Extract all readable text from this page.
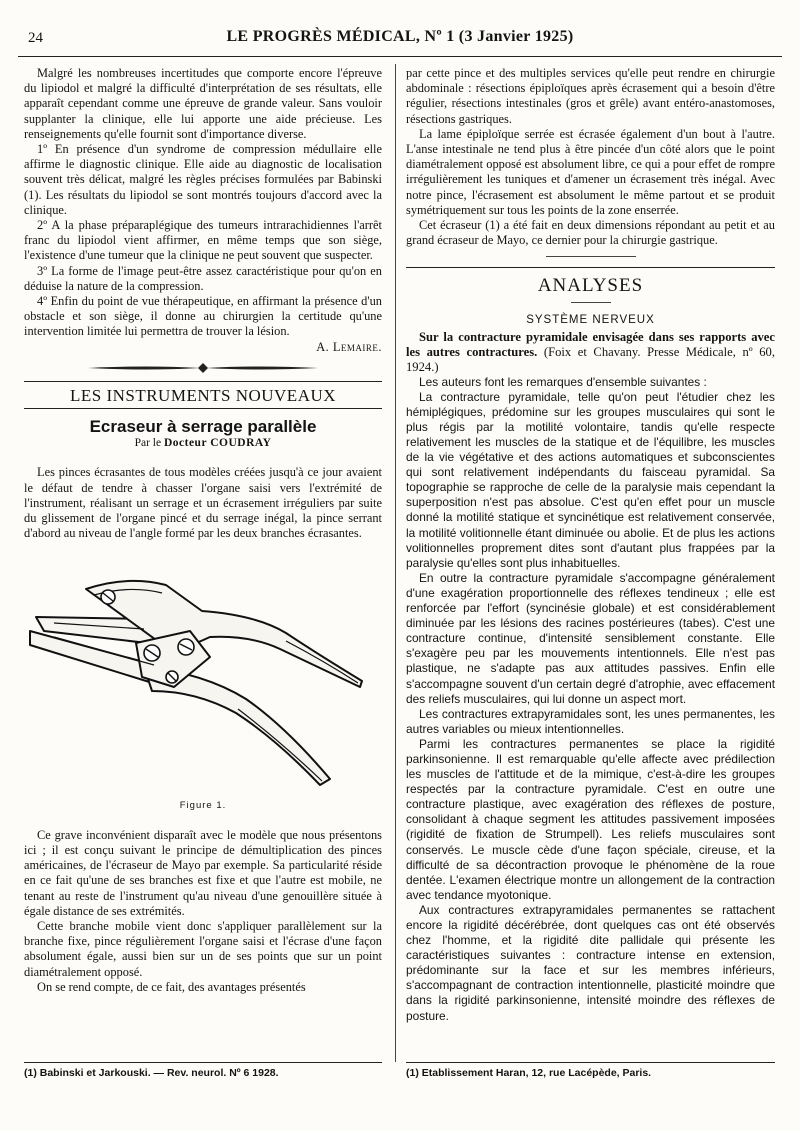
24	LE PROGRÈS MÉDICAL, Nº 1 (3 Janvier 1925)

Malgré les nombreuses incertitudes que comporte encore l'épreuve du lipiodol et malgré la difficulté d'interprétation de ses résultats, elle apparaît cependant comme une épreuve de grande valeur. Sans vouloir supplanter la clinique, elle lui apporte une aide précieuse. Les renseignements qu'elle fournit sont d'importance diverse.

1º En présence d'un syndrome de compression médullaire elle affirme le diagnostic clinique. Elle aide au diagnostic de localisation souvent très délicat, malgré les règles précises formulées par Babinski (1). Les résultats du lipiodol se sont montrés toujours d'accord avec la clinique.

2º A la phase préparaplégique des tumeurs intrarachidiennes l'arrêt franc du lipiodol vient affirmer, en même temps que son siège, l'existence d'une tumeur que la clinique ne peut souvent que suspecter.

3º La forme de l'image peut-être assez caractéristique pour qu'on en déduise la nature de la compression.

4º Enfin du point de vue thérapeutique, en affirmant la présence d'un obstacle et son siège, il donne au chirurgien la certitude qu'une intervention limitée lui permettra de trouver la lésion.

A. Lemaire.

LES INSTRUMENTS NOUVEAUX
Ecraseur à serrage parallèle
Par le Docteur COUDRAY

Les pinces écrasantes de tous modèles créées jusqu'à ce jour avaient le défaut de tendre à chasser l'organe saisi vers l'extrémité de l'instrument, réalisant un serrage et un écrasement irréguliers par suite du glissement de l'organe pincé et du serrage inégal, la pince serrant d'abord au niveau de l'angle formé par les deux branches écrasantes.

Figure 1.

Ce grave inconvénient disparaît avec le modèle que nous présentons ici ; il est conçu suivant le principe de démultiplication des pinces américaines, de l'écraseur de Mayo par exemple. Sa particularité réside en ce fait qu'une de ses branches est fixe et que l'autre est mobile, ne tenant au reste de l'instrument qu'au niveau d'une genouillère située à égale distance de ses extrémités.

Cette branche mobile vient donc s'appliquer parallèlement sur la branche fixe, pince régulièrement l'organe saisi et l'écrase d'une façon absolument égale, aussi bien sur un de ses points que sur un point diamétralement opposé.

On se rend compte, de ce fait, des avantages présentés

par cette pince et des multiples services qu'elle peut rendre en chirurgie abdominale : résections épiploïques après écrasement qui a besoin d'être régulier, résections intestinales (gros et grêle) avant entéro-anastomoses, résections gastriques.

La lame épiploïque serrée est écrasée également d'un bout à l'autre. L'anse intestinale ne tend plus à être pincée d'un côté alors que le point diamétralement opposé est absolument libre, ce qui a pour effet de rompre irrégulièrement les tuniques et d'amener un écrasement très inégal. Avec notre pince, l'écrasement est absolument le même partout et se produit symétriquement sur tous les points de la zone enserrée.

Cet écraseur (1) a été fait en deux dimensions répondant au petit et au grand écraseur de Mayo, ce dernier pour la chirurgie gastrique.

ANALYSES
SYSTÈME NERVEUX

Sur la contracture pyramidale envisagée dans ses rapports avec les autres contractures. (Foix et Chavany. Presse Médicale, nº 60, 1924.)

Les auteurs font les remarques d'ensemble suivantes :

La contracture pyramidale, telle qu'on peut l'étudier chez les hémiplégiques, prédomine sur les groupes musculaires qui sont le plus régis par la motilité volontaire, tandis qu'elle respecte relativement les muscles de la statique et de l'équilibre, les muscles de la vie végétative et des actions automatiques et subconscientes qui sont relativement indépendants du faisceau pyramidal. Sa topographie se rapproche de celle de la paralysie mais cependant la superposition n'est pas absolue. C'est qu'en effet pour un muscle donné la motilité statique et syncinétique est relativement conservée, la motilité volitionnelle étant diminuée ou abolie. Et de plus les actions volitionnelles proprement dites sont d'autant plus frappées par la paralysie qu'elles sont plus inhabituelles.

En outre la contracture pyramidale s'accompagne généralement d'une exagération proportionnelle des réflexes tendineux ; elle est renforcée par l'effort (syncinésie globale) et est considérablement diminuée par les lésions des racines postérieures (tabes). C'est une contracture continue, d'intensité sensiblement constante. Elle s'exagère peu par les mouvements intentionnels. Elle n'est pas plastique, ne s'adapte pas aux attitudes passives. Enfin elle s'accompagne souvent d'un certain degré d'atrophie, avec effacement des reliefs musculaires, qui lui donne un aspect mort.

Les contractures extrapyramidales sont, les unes permanentes, les autres variables ou mieux intentionnelles.

Parmi les contractures permanentes se place la rigidité parkinsonienne. Il est remarquable qu'elle affecte avec prédilection les muscles de l'attitude et de la mimique, c'est-à-dire les groupes respectés par la contracture pyramidale. C'est en outre une contracture plastique, avec exagération des réflexes de posture, consolidant à chaque segment les attitudes passivement imposées (rigidité de fixation de Strumpell). Les reliefs musculaires sont conservés. Le muscle cède d'une façon spéciale, cireuse, et la difficulté de sa décontraction provoque le phénomène de la roue dentée. L'examen électrique montre un allongement de la contraction avec tendance myotonique.

Aux contractures extrapyramidales permanentes se rattachent encore la rigidité décérébrée, dont quelques cas ont été observés chez l'homme, et la rigidité dite pallidale qui présente les caractéristiques suivantes : contracture intense en extension, prédominante sur la face et sur les membres inférieurs, s'accompagnant de contraction intentionnelle, plasticité moindre que dans la rigidité parkinsonienne, intensité moindre des réflexes de posture.

(1) Babinski et Jarkouski. — Rev. neurol. Nº 6 1928.	(1) Etablissement Haran, 12, rue Lacépède, Paris.
